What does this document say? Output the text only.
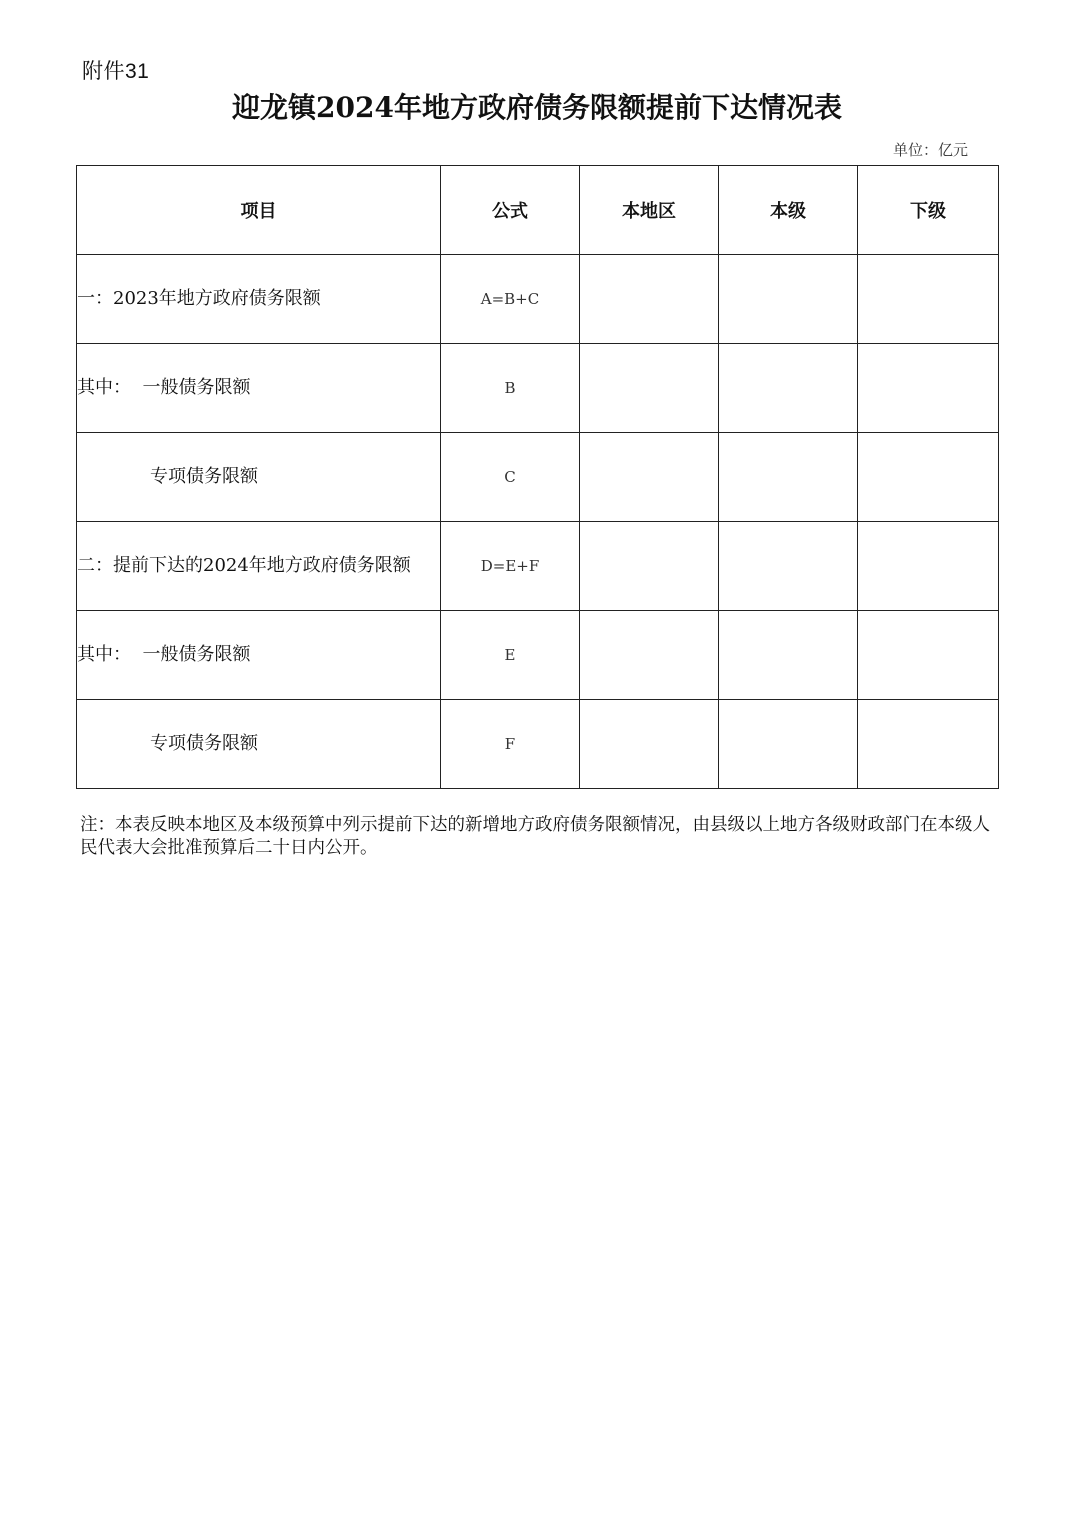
附件31
迎龙镇2024年地方政府债务限额提前下达情况表
单位：亿元
项目	公式	本地区	本级	下级
一：2023年地方政府债务限额	A=B+C			
其中：  一般债务限额	B			
专项债务限额	C			
二：提前下达的2024年地方政府债务限额	D=E+F			
其中：  一般债务限额	E			
专项债务限额	F			
注：本表反映本地区及本级预算中列示提前下达的新增地方政府债务限额情况，由县级以上地方各级财政部门在本级人民代表大会批准预算后二十日内公开。
